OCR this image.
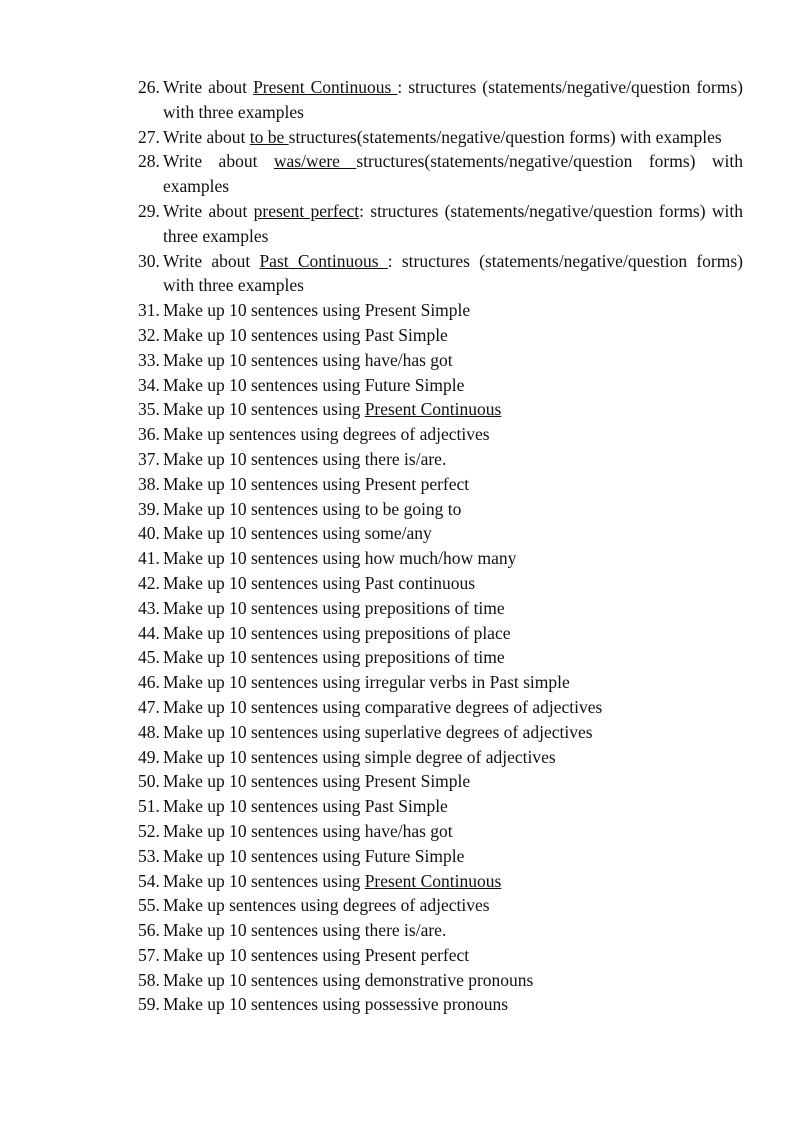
26. Write about Present Continuous : structures (statements/negative/question forms) with three examples
27. Write about to be structures(statements/negative/question forms) with examples
28. Write about was/were structures(statements/negative/question forms) with examples
29. Write about present perfect: structures (statements/negative/question forms) with three examples
30. Write about Past Continuous : structures (statements/negative/question forms) with three examples
31. Make up 10 sentences using Present Simple
32. Make up 10 sentences using Past Simple
33. Make up 10 sentences using have/has got
34. Make up 10 sentences using Future Simple
35. Make up 10 sentences using Present Continuous
36. Make up sentences using degrees of adjectives
37. Make up 10 sentences using there is/are.
38. Make up 10 sentences using Present perfect
39. Make up 10 sentences using to be going to
40. Make up 10 sentences using some/any
41. Make up 10 sentences using how much/how many
42. Make up 10 sentences using Past continuous
43. Make up 10 sentences using prepositions of time
44. Make up 10 sentences using prepositions of place
45. Make up 10 sentences using prepositions of time
46. Make up 10 sentences using irregular verbs in Past simple
47. Make up 10 sentences using comparative degrees of adjectives
48. Make up 10 sentences using superlative degrees of adjectives
49. Make up 10 sentences using simple degree of adjectives
50. Make up 10 sentences using Present Simple
51. Make up 10 sentences using Past Simple
52. Make up 10 sentences using have/has got
53. Make up 10 sentences using Future Simple
54. Make up 10 sentences using Present Continuous
55. Make up sentences using degrees of adjectives
56. Make up 10 sentences using there is/are.
57. Make up 10 sentences using Present perfect
58. Make up 10 sentences using demonstrative pronouns
59. Make up 10 sentences using possessive pronouns
